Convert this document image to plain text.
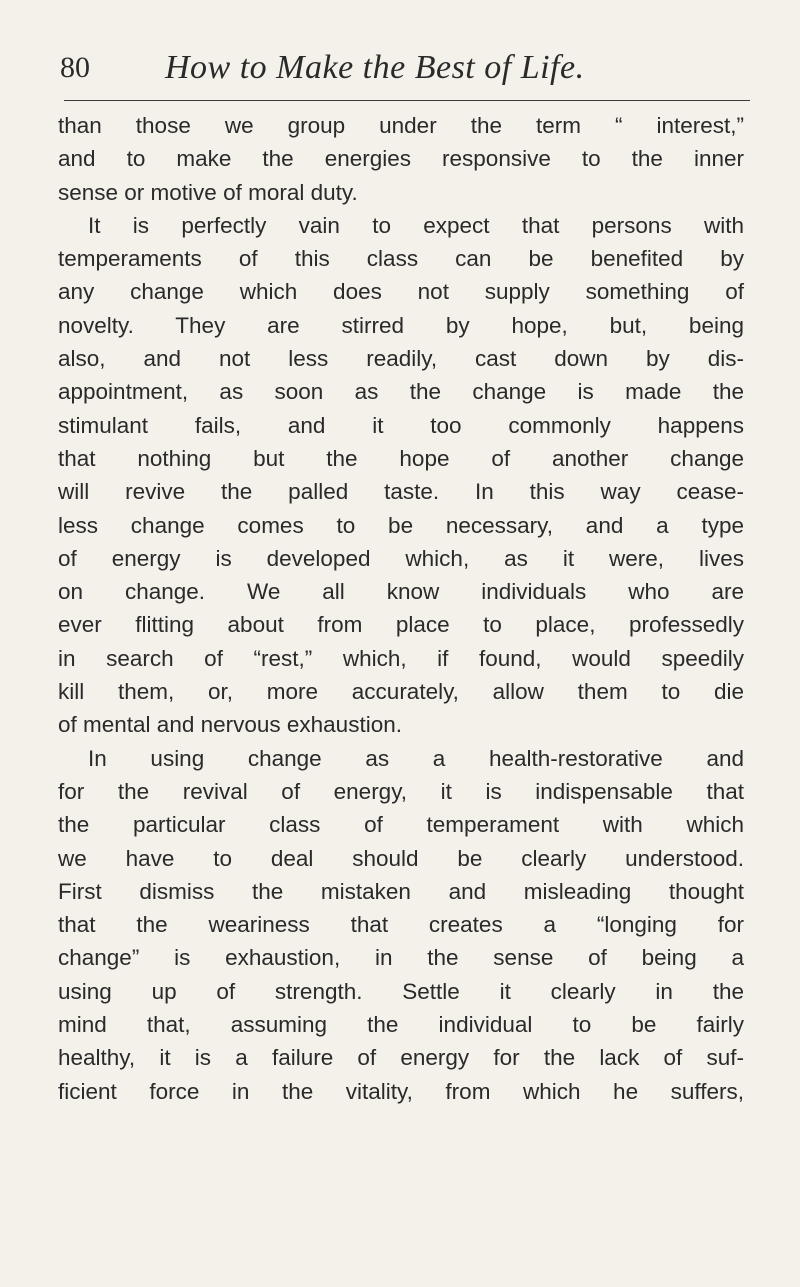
80 How to Make the Best of Life.
than those we group under the term “ interest,”
and to make the energies responsive to the inner
sense or motive of moral duty.
It is perfectly vain to expect that persons with
temperaments of this class can be benefited by
any change which does not supply something of
novelty. They are stirred by hope, but, being
also, and not less readily, cast down by dis-
appointment, as soon as the change is made the
stimulant fails, and it too commonly happens
that nothing but the hope of another change
will revive the palled taste. In this way cease-
less change comes to be necessary, and a type
of energy is developed which, as it were, lives
on change. We all know individuals who are
ever flitting about from place to place, professedly
in search of “rest,” which, if found, would speedily
kill them, or, more accurately, allow them to die
of mental and nervous exhaustion.
In using change as a health-restorative and
for the revival of energy, it is indispensable that
the particular class of temperament with which
we have to deal should be clearly understood.
First dismiss the mistaken and misleading thought
that the weariness that creates a “longing for
change” is exhaustion, in the sense of being a
using up of strength. Settle it clearly in the
mind that, assuming the individual to be fairly
healthy, it is a failure of energy for the lack of suf-
ficient force in the vitality, from which he suffers,
